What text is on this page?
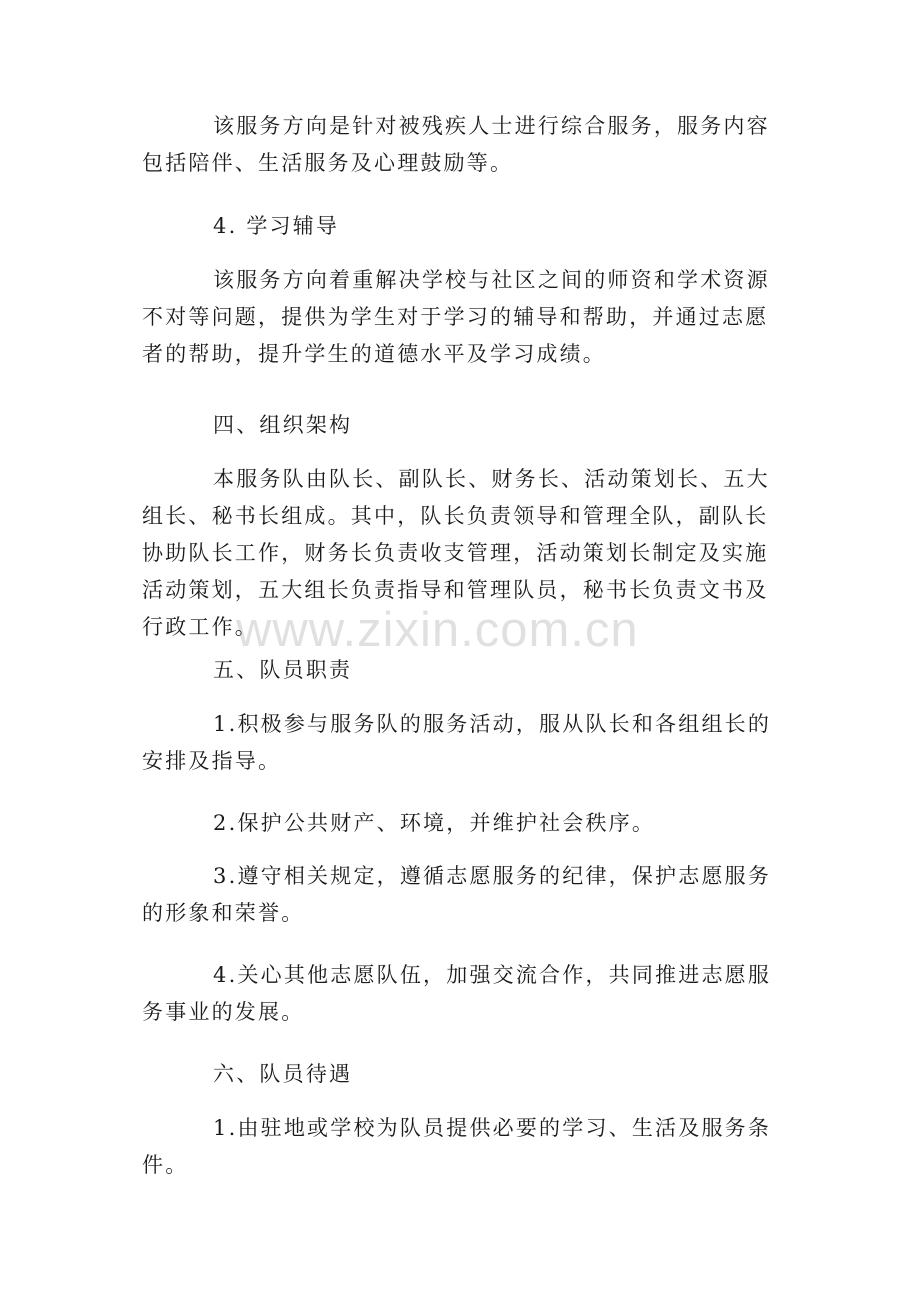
该服务方向是针对被残疾人士进行综合服务，服务内容包括陪伴、生活服务及心理鼓励等。
4. 学习辅导
该服务方向着重解决学校与社区之间的师资和学术资源不对等问题，提供为学生对于学习的辅导和帮助，并通过志愿者的帮助，提升学生的道德水平及学习成绩。
四、组织架构
本服务队由队长、副队长、财务长、活动策划长、五大组长、秘书长组成。其中，队长负责领导和管理全队，副队长协助队长工作，财务长负责收支管理，活动策划长制定及实施活动策划，五大组长负责指导和管理队员，秘书长负责文书及行政工作。
五、队员职责
1.积极参与服务队的服务活动，服从队长和各组组长的安排及指导。
2.保护公共财产、环境，并维护社会秩序。
3.遵守相关规定，遵循志愿服务的纪律，保护志愿服务的形象和荣誉。
4.关心其他志愿队伍，加强交流合作，共同推进志愿服务事业的发展。
六、队员待遇
1.由驻地或学校为队员提供必要的学习、生活及服务条件。
www.zixin.com.cn
